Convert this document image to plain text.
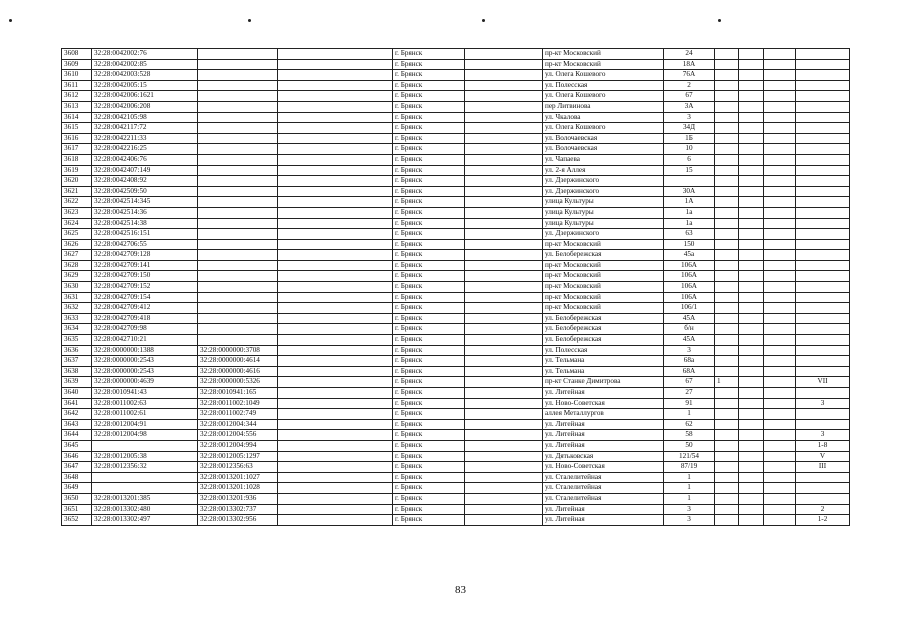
3608	32:28:0042002:76			г. Брянск		пр-кт Московский	24				
3609	32:28:0042002:85			г. Брянск		пр-кт Московский	18А				
3610	32:28:0042003:528			г. Брянск		ул. Олега Кошевого	76А				
3611	32:28:0042005:15			г. Брянск		ул. Полесская	2				
3612	32:28:0042006:1621			г. Брянск		ул. Олега Кошевого	67				
3613	32:28:0042006:208			г. Брянск		пер Литвинова	3А				
3614	32:28:0042105:98			г. Брянск		ул. Чкалова	3				
3615	32:28:0042117:72			г. Брянск		ул. Олега Кошевого	34Д				
3616	32:28:0042211:33			г. Брянск		ул. Волочаевская	1Б				
3617	32:28:0042216:25			г. Брянск		ул. Волочаевская	10				
3618	32:28:0042406:76			г. Брянск		ул. Чапаева	6				
3619	32:28:0042407:149			г. Брянск		ул. 2-я Аллея	15				
3620	32:28:0042408:92			г. Брянск		ул. Дзержинского					
3621	32:28:0042509:50			г. Брянск		ул. Дзержинского	30А				
3622	32:28:0042514:345			г. Брянск		улица Культуры	1А				
3623	32:28:0042514:36			г. Брянск		улица Культуры	1а				
3624	32:28:0042514:38			г. Брянск		улица Культуры	1а				
3625	32:28:0042516:151			г. Брянск		ул. Дзержинского	63				
3626	32:28:0042706:55			г. Брянск		пр-кт Московский	150				
3627	32:28:0042709:128			г. Брянск		ул. Белобережская	45а				
3628	32:28:0042709:141			г. Брянск		пр-кт Московский	106А				
3629	32:28:0042709:150			г. Брянск		пр-кт Московский	106А				
3630	32:28:0042709:152			г. Брянск		пр-кт Московский	106А				
3631	32:28:0042709:154			г. Брянск		пр-кт Московский	106А				
3632	32:28:0042709:412			г. Брянск		пр-кт Московский	106/1				
3633	32:28:0042709:418			г. Брянск		ул. Белобережская	45А				
3634	32:28:0042709:98			г. Брянск		ул. Белобережская	б/н				
3635	32:28:0042710:21			г. Брянск		ул. Белобережская	45А				
3636	32:28:0000000:1388	32:28:0000000:3708		г. Брянск		ул. Полесская	3				
3637	32:28:0000000:2543	32:28:0000000:4614		г. Брянск		ул. Тельмана	68а				
3638	32:28:0000000:2543	32:28:0000000:4616		г. Брянск		ул. Тельмана	68А				
3639	32:28:0000000:4639	32:28:0000000:5326		г. Брянск		пр-кт Станке Димитрова	67	1			VII
3640	32:28:0010941:43	32:28:0010941:165		г. Брянск		ул. Литейная	27				
3641	32:28:0011002:63	32:28:0011002:1049		г. Брянск		ул. Ново-Советская	91				3
3642	32:28:0011002:61	32:28:0011002:749		г. Брянск		аллея Металлургов	1				
3643	32:28:0012004:91	32:28:0012004:344		г. Брянск		ул. Литейная	62				
3644	32:28:0012004:98	32:28:0012004:556		г. Брянск		ул. Литейная	58				3
3645		32:28:0012004:994		г. Брянск		ул. Литейная	50				1-8
3646	32:28:0012005:38	32:28:0012005:1297		г. Брянск		ул. Дятьковская	121/54				V
3647	32:28:0012356:32	32:28:0012356:63		г. Брянск		ул. Ново-Советская	87/19				III
3648		32:28:0013201:1027		г. Брянск		ул. Сталелитейная	1				
3649		32:28:0013201:1028		г. Брянск		ул. Сталелитейная	1				
3650	32:28:0013201:385	32:28:0013201:936		г. Брянск		ул. Сталелитейная	1				
3651	32:28:0013302:480	32:28:0013302:737		г. Брянск		ул. Литейная	3				2
3652	32:28:0013302:497	32:28:0013302:956		г. Брянск		ул. Литейная	3				1-2
83
